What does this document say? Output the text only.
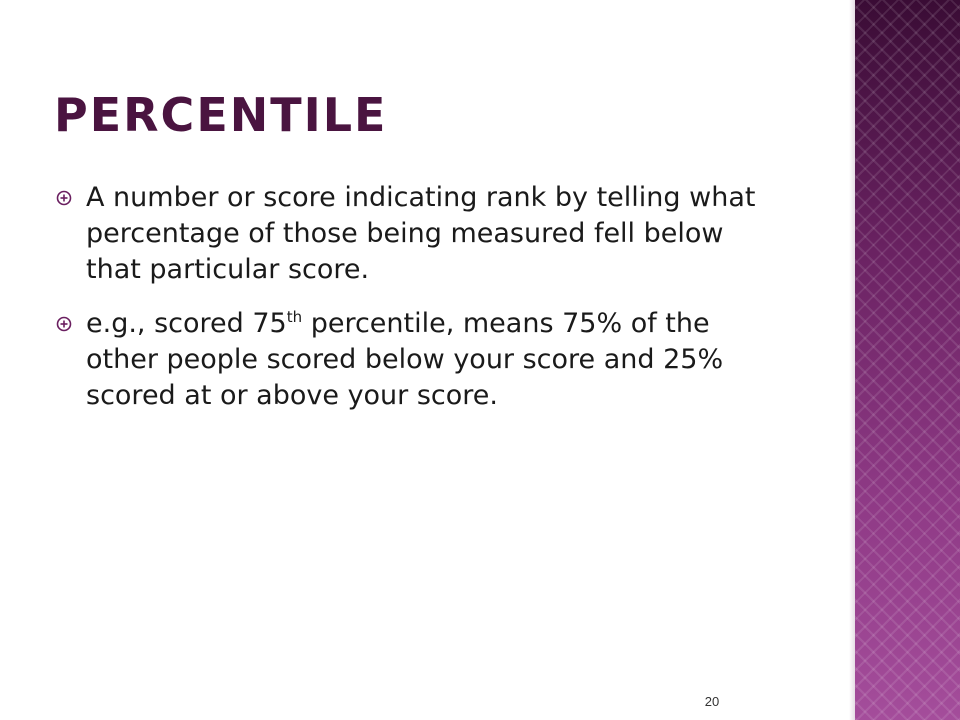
PERCENTILE
A number or score indicating rank by telling what percentage of those being measured fell below that particular score.
e.g., scored 75th percentile, means 75% of the other people scored below your score and 25% scored at or above your score.
20
